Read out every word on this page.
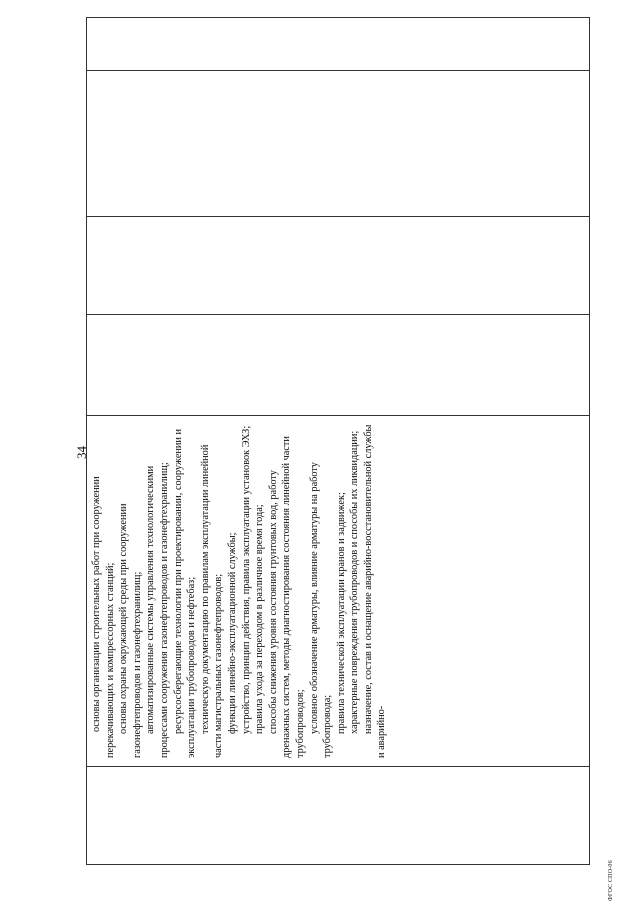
34

основы организации строительных работ при сооружении перекачивающих и компрессорных станций; основы охраны окружающей среды при сооружении газонефтепроводов и газонефтехранилищ; автоматизированные системы управления технологическими процессами сооружения газонефтепроводов и газонефтехранилищ; ресурсосберегающие технологии при проектировании, сооружении и эксплуатации трубопроводов и нефтебаз; техническую документацию по правилам эксплуатации линейной части магистральных газонефтепроводов; функции линейно-эксплуатационной службы; устройство, принцип действия, правила эксплуатации установок ЭХЗ; правила ухода за переходом в различное время года; способы снижения уровня состояния грунтовых вод, работу дренажных систем, методы диагностирования состояния линейной части трубопроводов; условное обозначение арматуры, влияние арматуры на работу трубопровода; правила технической эксплуатации кранов и задвижек; характерные повреждения трубопроводов и способы их ликвидации; назначение, состав и оснащение аварийно-восстановительной службы и аварийно-

ФГОС СПО-06
